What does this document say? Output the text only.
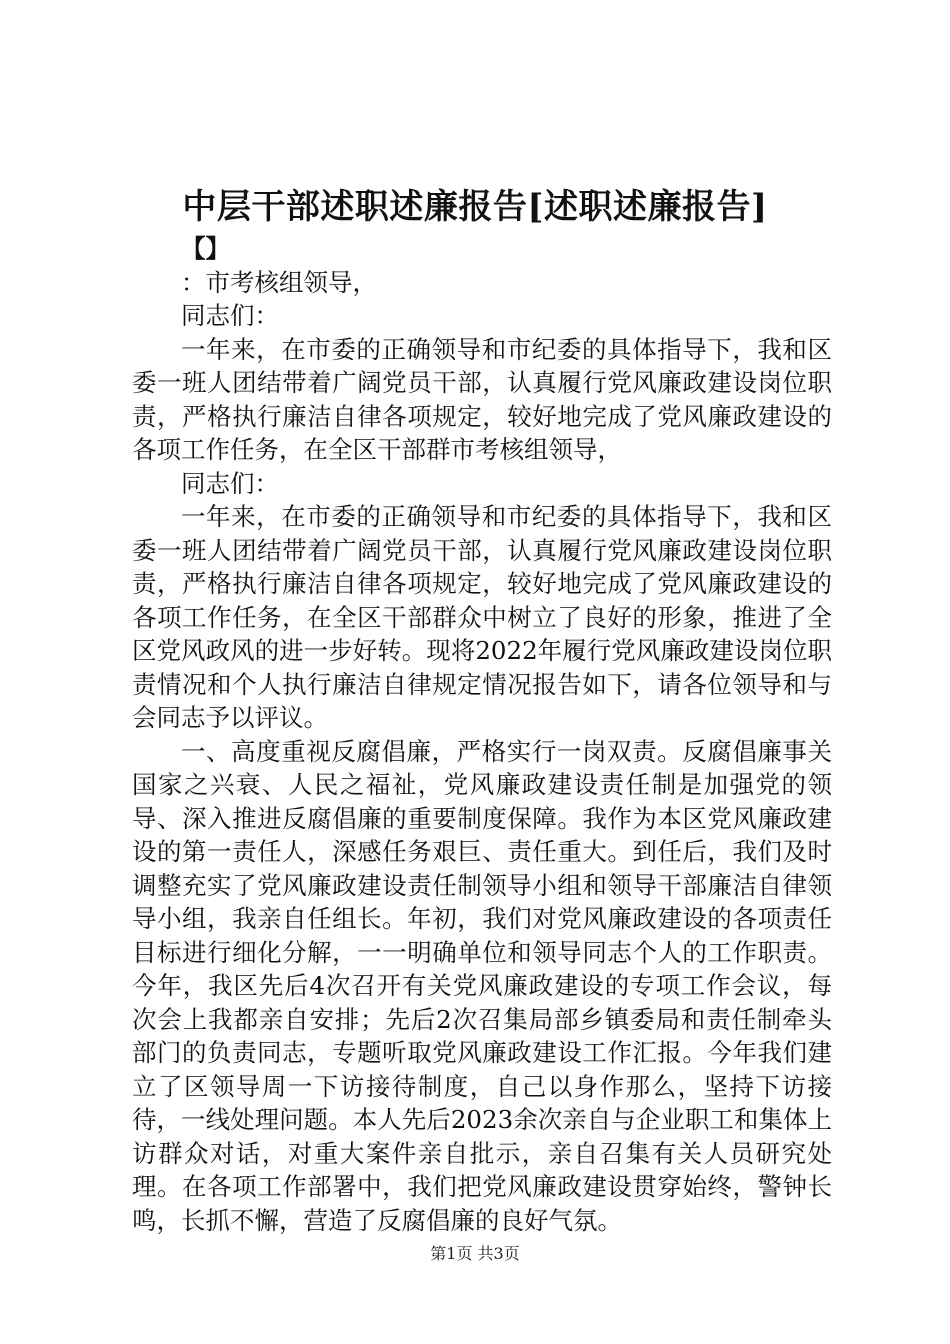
中层干部述职述廉报告[述职述廉报告]

【】

：市考核组领导，

同志们：

一年来，在市委的正确领导和市纪委的具体指导下，我和区委一班人团结带着广阔党员干部，认真履行党风廉政建设岗位职责，严格执行廉洁自律各项规定，较好地完成了党风廉政建设的各项工作任务，在全区干部群市考核组领导，

同志们：

一年来，在市委的正确领导和市纪委的具体指导下，我和区委一班人团结带着广阔党员干部，认真履行党风廉政建设岗位职责，严格执行廉洁自律各项规定，较好地完成了党风廉政建设的各项工作任务，在全区干部群众中树立了良好的形象，推进了全区党风政风的进一步好转。现将2022年履行党风廉政建设岗位职责情况和个人执行廉洁自律规定情况报告如下，请各位领导和与会同志予以评议。

一、高度重视反腐倡廉，严格实行一岗双责。反腐倡廉事关国家之兴衰、人民之福祉，党风廉政建设责任制是加强党的领导、深入推进反腐倡廉的重要制度保障。我作为本区党风廉政建设的第一责任人，深感任务艰巨、责任重大。到任后，我们及时调整充实了党风廉政建设责任制领导小组和领导干部廉洁自律领导小组，我亲自任组长。年初，我们对党风廉政建设的各项责任目标进行细化分解，一一明确单位和领导同志个人的工作职责。今年，我区先后4次召开有关党风廉政建设的专项工作会议，每次会上我都亲自安排；先后2次召集局部乡镇委局和责任制牵头部门的负责同志，专题听取党风廉政建设工作汇报。今年我们建立了区领导周一下访接待制度，自己以身作那么，坚持下访接待，一线处理问题。本人先后2023余次亲自与企业职工和集体上访群众对话，对重大案件亲自批示，亲自召集有关人员研究处理。在各项工作部署中，我们把党风廉政建设贯穿始终，警钟长鸣，长抓不懈，营造了反腐倡廉的良好气氛。

第1页 共3页
